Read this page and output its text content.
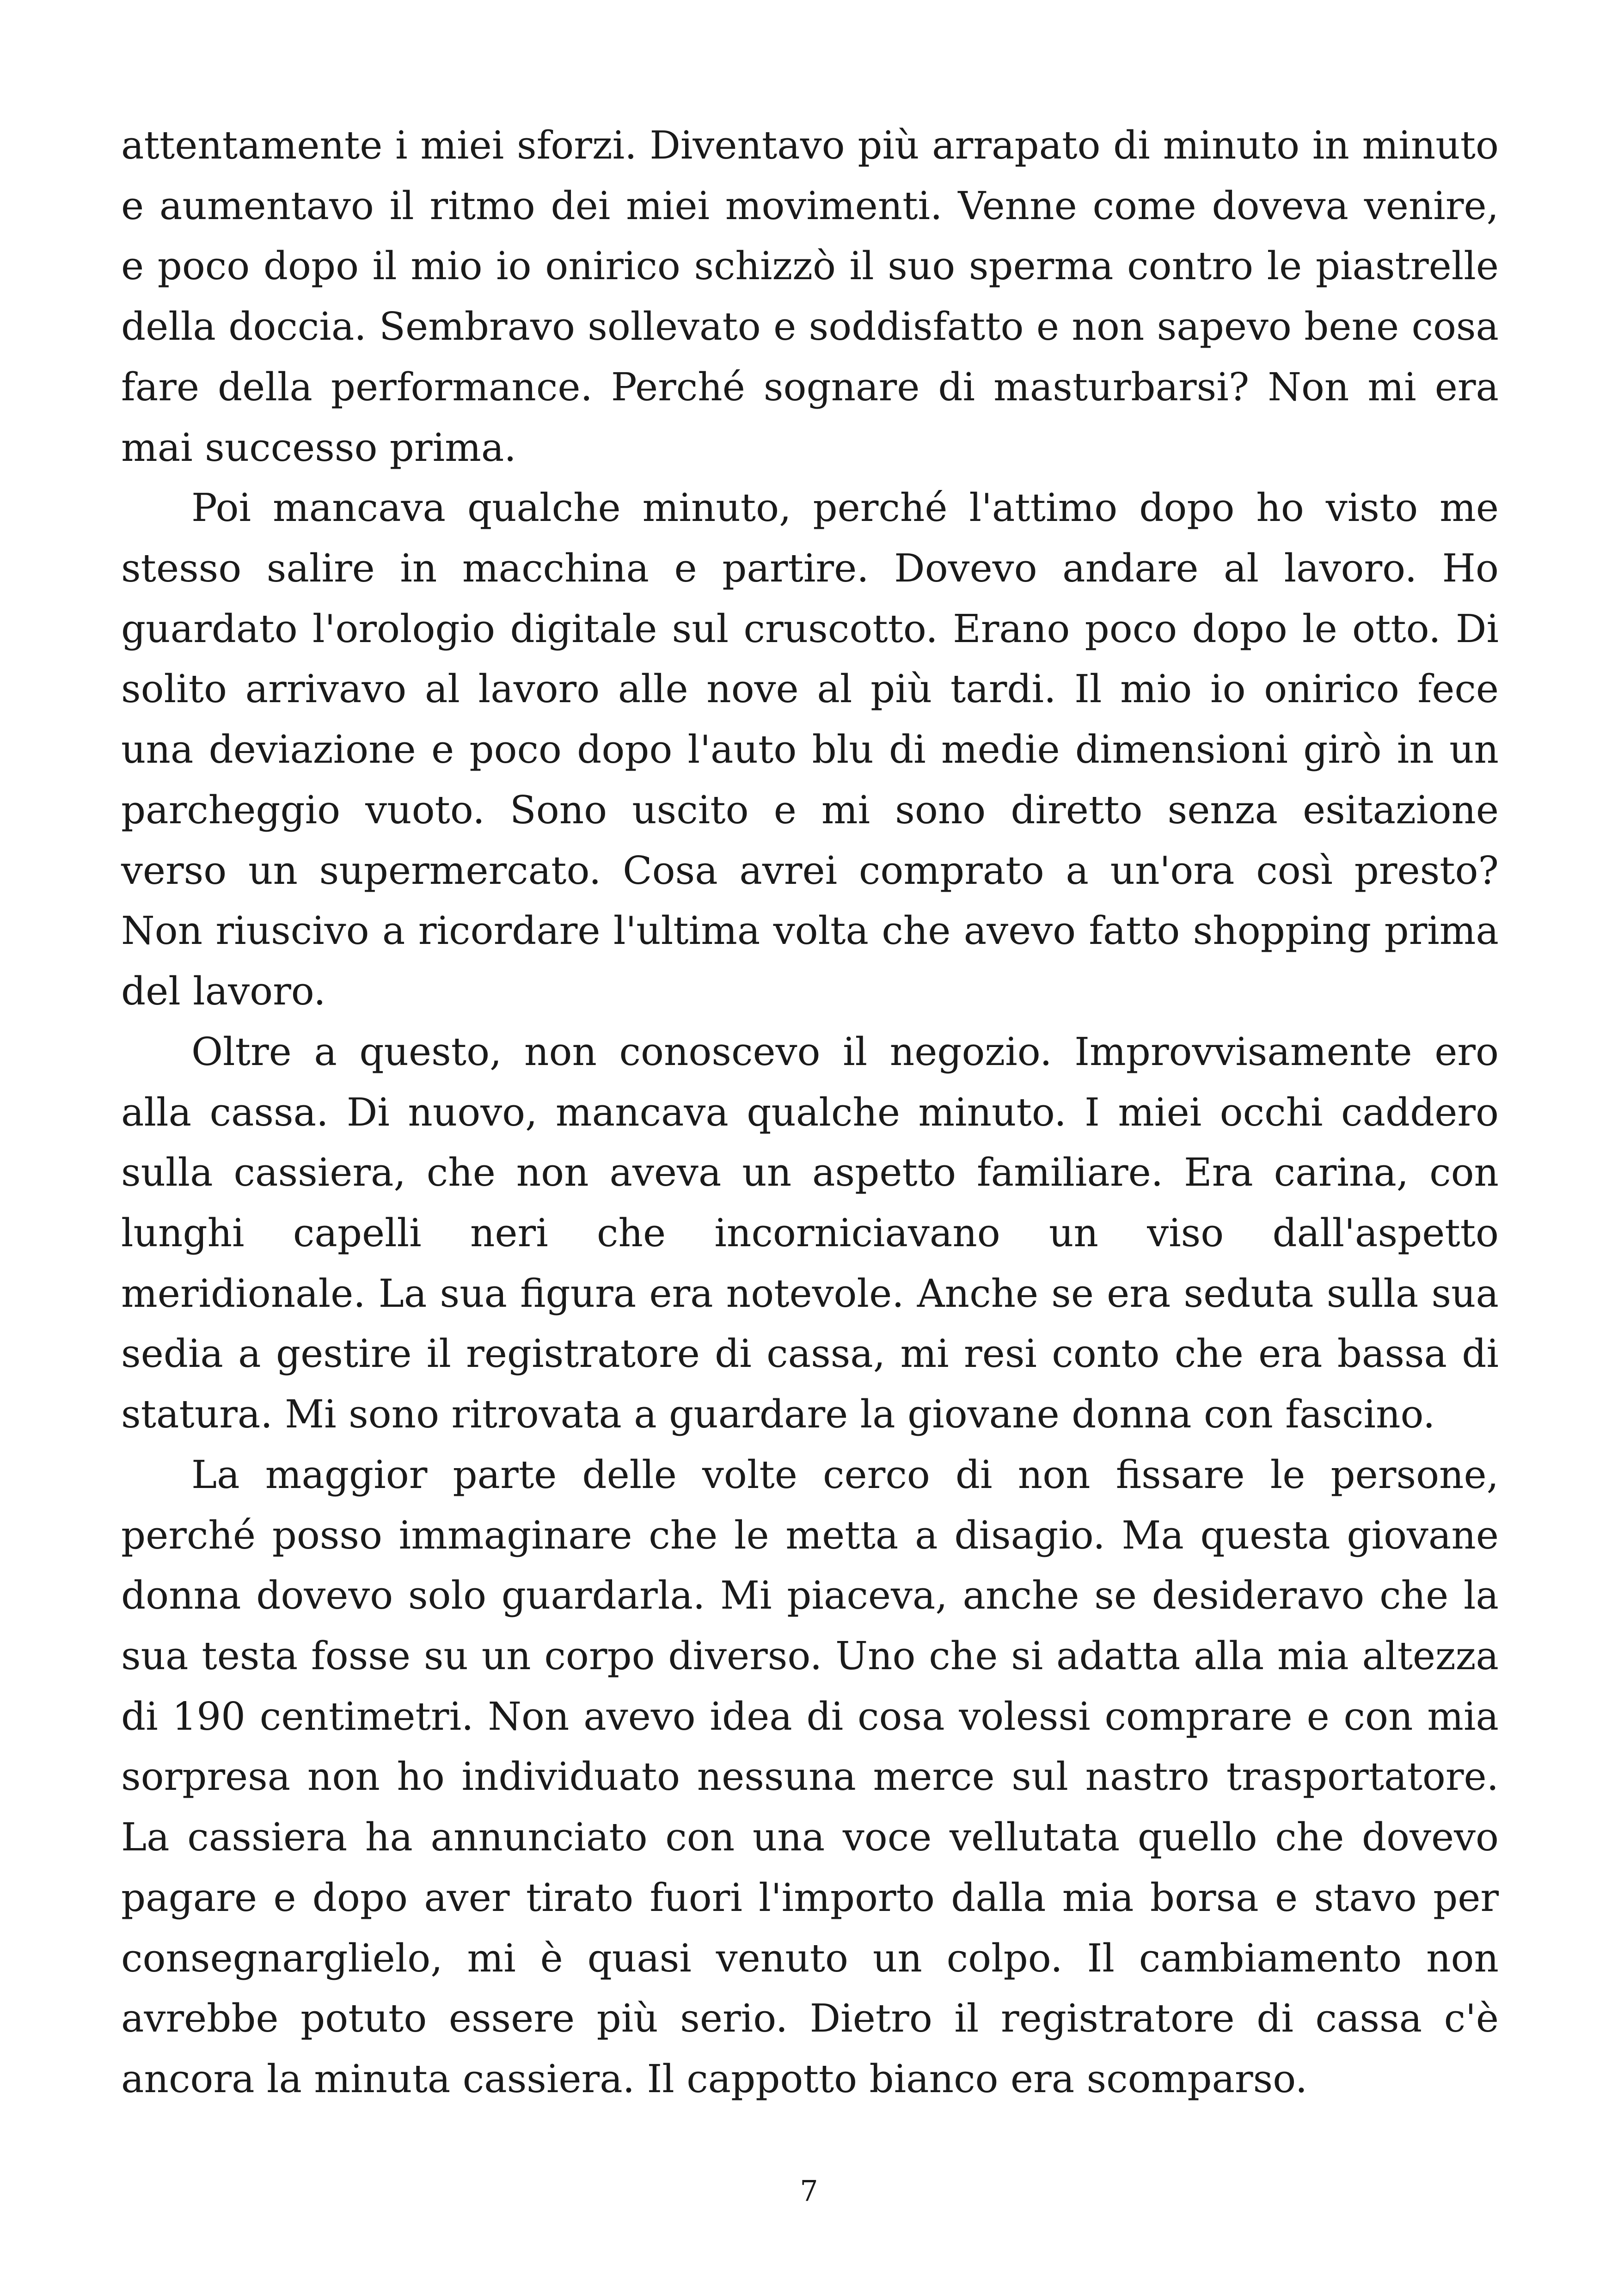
attentamente i miei sforzi. Diventavo più arrapato di minuto in minuto e aumentavo il ritmo dei miei movimenti. Venne come doveva venire, e poco dopo il mio io onirico schizzò il suo sperma contro le piastrelle della doccia. Sembravo sollevato e soddisfatto e non sapevo bene cosa fare della performance. Perché sognare di masturbarsi? Non mi era mai successo prima.

Poi mancava qualche minuto, perché l'attimo dopo ho visto me stesso salire in macchina e partire. Dovevo andare al lavoro. Ho guardato l'orologio digitale sul cruscotto. Erano poco dopo le otto. Di solito arrivavo al lavoro alle nove al più tardi. Il mio io onirico fece una deviazione e poco dopo l'auto blu di medie dimensioni girò in un parcheggio vuoto. Sono uscito e mi sono diretto senza esitazione verso un supermercato. Cosa avrei comprato a un'ora così presto? Non riuscivo a ricordare l'ultima volta che avevo fatto shopping prima del lavoro.

Oltre a questo, non conoscevo il negozio. Improvvisamente ero alla cassa. Di nuovo, mancava qualche minuto. I miei occhi caddero sulla cassiera, che non aveva un aspetto familiare. Era carina, con lunghi capelli neri che incorniciavano un viso dall'aspetto meridionale. La sua figura era notevole. Anche se era seduta sulla sua sedia a gestire il registratore di cassa, mi resi conto che era bassa di statura. Mi sono ritrovata a guardare la giovane donna con fascino.

La maggior parte delle volte cerco di non fissare le persone, perché posso immaginare che le metta a disagio. Ma questa giovane donna dovevo solo guardarla. Mi piaceva, anche se desideravo che la sua testa fosse su un corpo diverso. Uno che si adatta alla mia altezza di 190 centimetri. Non avevo idea di cosa volessi comprare e con mia sorpresa non ho individuato nessuna merce sul nastro trasportatore. La cassiera ha annunciato con una voce vellutata quello che dovevo pagare e dopo aver tirato fuori l'importo dalla mia borsa e stavo per consegnarglielo, mi è quasi venuto un colpo. Il cambiamento non avrebbe potuto essere più serio. Dietro il registratore di cassa c'è ancora la minuta cassiera. Il cappotto bianco era scomparso.

7
